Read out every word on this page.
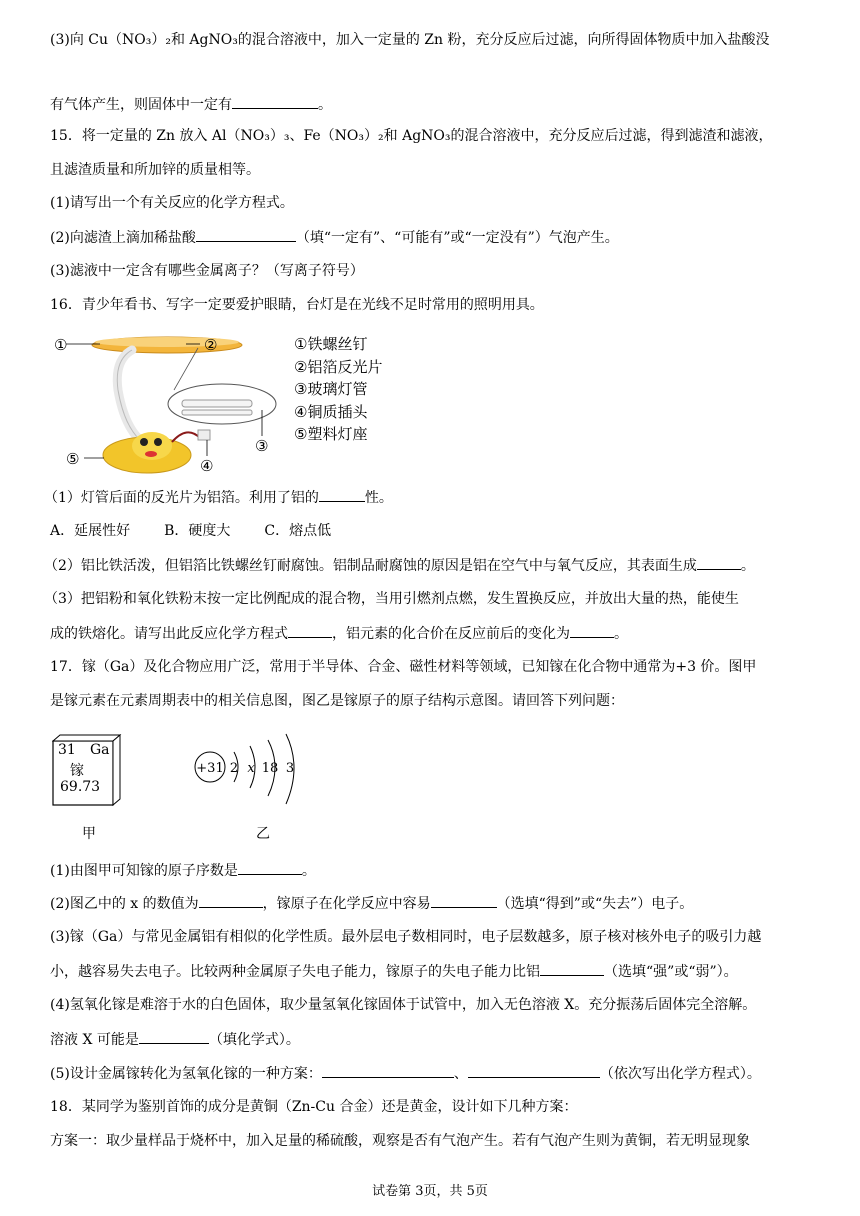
(3)向 Cu（NO₃）₂和 AgNO₃的混合溶液中，加入一定量的 Zn 粉，充分反应后过滤，向所得固体物质中加入盐酸没
有气体产生，则固体中一定有	。
15．将一定量的 Zn 放入 Al（NO₃）₃、Fe（NO₃）₂和 AgNO₃的混合溶液中，充分反应后过滤，得到滤渣和滤液，
且滤渣质量和所加锌的质量相等。
(1)请写出一个有关反应的化学方程式。
(2)向滤渣上滴加稀盐酸	（填“一定有”、“可能有”或“一定没有”）气泡产生。
(3)滤液中一定含有哪些金属离子？（写离子符号）
16．青少年看书、写字一定要爱护眼睛，台灯是在光线不足时常用的照明用具。
①	②
③
④
⑤
①铁螺丝钉
②铝箔反光片
③玻璃灯管
④铜质插头
⑤塑料灯座
（1）灯管后面的反光片为铝箔。利用了铝的	性。
A．延展性好 B．硬度大 C．熔点低
（2）铝比铁活泼，但铝箔比铁螺丝钉耐腐蚀。铝制品耐腐蚀的原因是铝在空气中与氧气反应，其表面生成	。
（3）把铝粉和氧化铁粉末按一定比例配成的混合物，当用引燃剂点燃，发生置换反应，并放出大量的热，能使生
成的铁熔化。请写出此反应化学方程式	，铝元素的化合价在反应前后的变化为	。
17．镓（Ga）及化合物应用广泛，常用于半导体、合金、磁性材料等领域，已知镓在化合物中通常为+3 价。图甲
是镓元素在元素周期表中的相关信息图，图乙是镓原子的原子结构示意图。请回答下列问题：
31 Ga
镓
69.73
+31 2 x 18 3
甲	乙
(1)由图甲可知镓的原子序数是	。
(2)图乙中的 x 的数值为	，镓原子在化学反应中容易	（选填“得到”或“失去”）电子。
(3)镓（Ga）与常见金属铝有相似的化学性质。最外层电子数相同时，电子层数越多，原子核对核外电子的吸引力越
小，越容易失去电子。比较两种金属原子失电子能力，镓原子的失电子能力比铝	（选填“强”或“弱”）。
(4)氢氧化镓是难溶于水的白色固体，取少量氢氧化镓固体于试管中，加入无色溶液 X。充分振荡后固体完全溶解。
溶液 X 可能是	（填化学式）。
(5)设计金属镓转化为氢氧化镓的一种方案：	、	（依次写出化学方程式）。
18．某同学为鉴别首饰的成分是黄铜（Zn-Cu 合金）还是黄金，设计如下几种方案：
方案一：取少量样品于烧杯中，加入足量的稀硫酸，观察是否有气泡产生。若有气泡产生则为黄铜，若无明显现象
试卷第 3页，共 5页
